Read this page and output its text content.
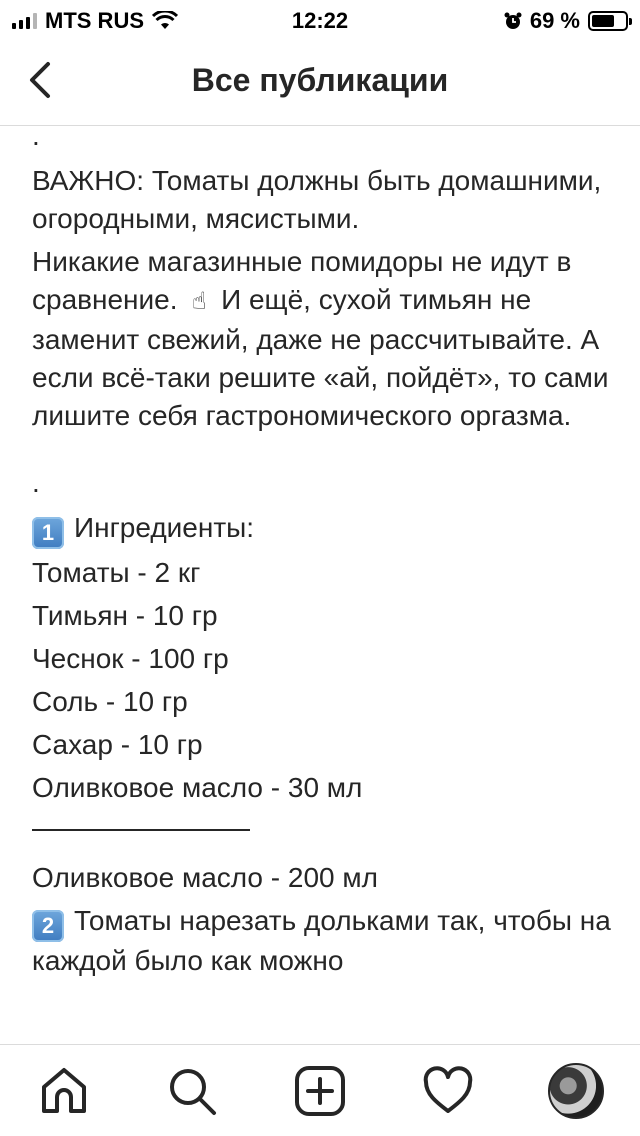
MTS RUS	12:22	69 %
Все публикации

.

ВАЖНО: Томаты должны быть домашними, огородными, мясистыми.

Никакие магазинные помидоры не идут в сравнение. ☝ И ещё, сухой тимьян не заменит свежий, даже не рассчитывайте. А если всё-таки решите «ай, пойдёт», то сами лишите себя гастрономического оргазма.

.

1 Ингредиенты:

Томаты - 2 кг

Тимьян - 10 гр

Чеснок - 100 гр

Соль - 10 гр

Сахар - 10 гр

Оливковое масло - 30 мл

Оливковое масло - 200 мл

2 Томаты нарезать дольками так, чтобы на каждой было как можно
